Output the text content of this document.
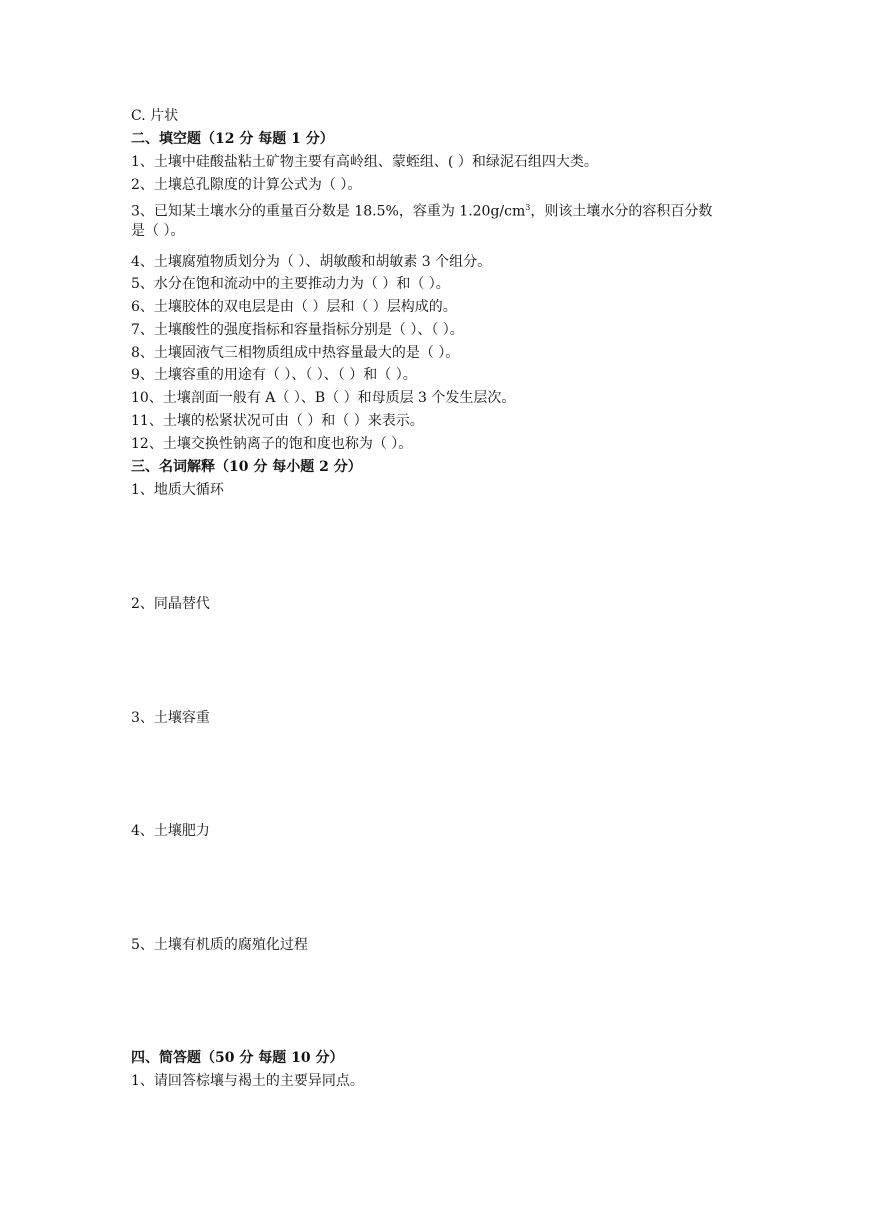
C. 片状
二、填空题（12 分 每题 1 分）
1、土壤中硅酸盐粘土矿物主要有高岭组、蒙蛭组、( ）和绿泥石组四大类。
2、土壤总孔隙度的计算公式为（ ）。
3、已知某土壤水分的重量百分数是 18.5%，容重为 $1.20g/cm^3$，则该土壤水分的容积百分数
是（ ）。
4、土壤腐殖物质划分为（ ）、胡敏酸和胡敏素 3 个组分。
5、水分在饱和流动中的主要推动力为（ ）和（ ）。
6、土壤胶体的双电层是由（ ）层和（ ）层构成的。
7、土壤酸性的强度指标和容量指标分别是（ ）、（ ）。
8、土壤固液气三相物质组成中热容量最大的是（ ）。
9、土壤容重的用途有（ ）、（ ）、（ ）和（ ）。
10、土壤剖面一般有 A（ ）、B（ ）和母质层 3 个发生层次。
11、土壤的松紧状况可由（ ）和（ ）来表示。
12、土壤交换性钠离子的饱和度也称为（ ）。
三、名词解释（10 分 每小题 2 分）
1、地质大循环
2、同晶替代
3、土壤容重
4、土壤肥力
5、土壤有机质的腐殖化过程
四、简答题（50 分 每题 10 分）
1、请回答棕壤与褐土的主要异同点。
